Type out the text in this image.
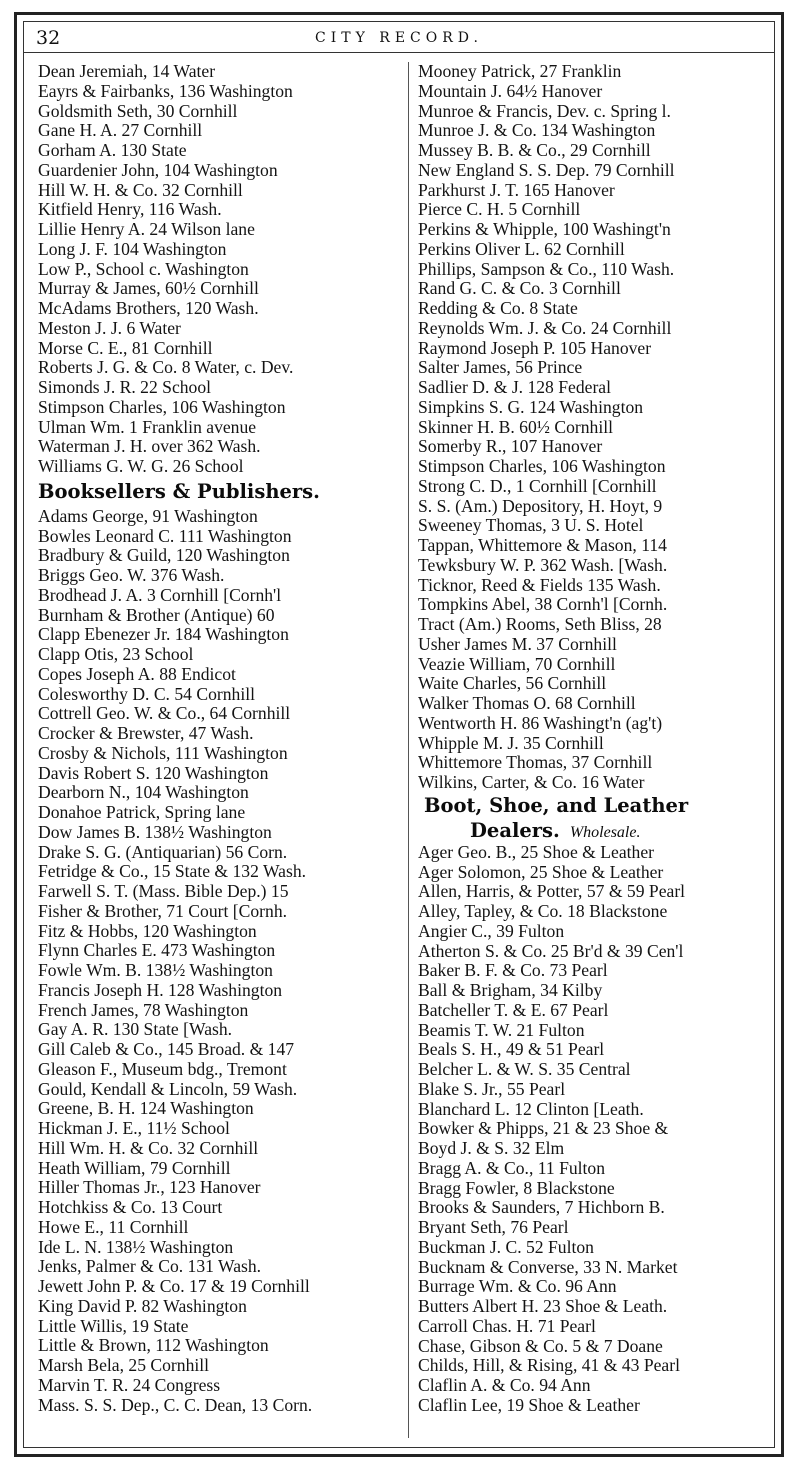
32	CITY RECORD.
Dean Jeremiah, 14 Water
Eayrs & Fairbanks, 136 Washington
Goldsmith Seth, 30 Cornhill
Gane H. A. 27 Cornhill
Gorham A. 130 State
Guardenier John, 104 Washington
Hill W. H. & Co. 32 Cornhill
Kitfield Henry, 116 Wash.
Lillie Henry A. 24 Wilson lane
Long J. F. 104 Washington
Low P., School c. Washington
Murray & James, 60½ Cornhill
McAdams Brothers, 120 Wash.
Meston J. J. 6 Water
Morse C. E., 81 Cornhill
Roberts J. G. & Co. 8 Water, c. Dev.
Simonds J. R. 22 School
Stimpson Charles, 106 Washington
Ulman Wm. 1 Franklin avenue
Waterman J. H. over 362 Wash.
Williams G. W. G. 26 School
Booksellers & Publishers.
Adams George, 91 Washington
Bowles Leonard C. 111 Washington
Bradbury & Guild, 120 Washington
Briggs Geo. W. 376 Wash.
Brodhead J. A. 3 Cornhill [Cornh'l
Burnham & Brother (Antique) 60
Clapp Ebenezer Jr. 184 Washington
Clapp Otis, 23 School
Copes Joseph A. 88 Endicot
Colesworthy D. C. 54 Cornhill
Cottrell Geo. W. & Co., 64 Cornhill
Crocker & Brewster, 47 Wash.
Crosby & Nichols, 111 Washington
Davis Robert S. 120 Washington
Dearborn N., 104 Washington
Donahoe Patrick, Spring lane
Dow James B. 138½ Washington
Drake S. G. (Antiquarian) 56 Corn.
Fetridge & Co., 15 State & 132 Wash.
Farwell S. T. (Mass. Bible Dep.) 15
Fisher & Brother, 71 Court [Cornh.
Fitz & Hobbs, 120 Washington
Flynn Charles E. 473 Washington
Fowle Wm. B. 138½ Washington
Francis Joseph H. 128 Washington
French James, 78 Washington
Gay A. R. 130 State [Wash.
Gill Caleb & Co., 145 Broad. & 147
Gleason F., Museum bdg., Tremont
Gould, Kendall & Lincoln, 59 Wash.
Greene, B. H. 124 Washington
Hickman J. E., 11½ School
Hill Wm. H. & Co. 32 Cornhill
Heath William, 79 Cornhill
Hiller Thomas Jr., 123 Hanover
Hotchkiss & Co. 13 Court
Howe E., 11 Cornhill
Ide L. N. 138½ Washington
Jenks, Palmer & Co. 131 Wash.
Jewett John P. & Co. 17 & 19 Cornhill
King David P. 82 Washington
Little Willis, 19 State
Little & Brown, 112 Washington
Marsh Bela, 25 Cornhill
Marvin T. R. 24 Congress
Mass. S. S. Dep., C. C. Dean, 13 Corn.
Mooney Patrick, 27 Franklin
Mountain J. 64½ Hanover
Munroe & Francis, Dev. c. Spring l.
Munroe J. & Co. 134 Washington
Mussey B. B. & Co., 29 Cornhill
New England S. S. Dep. 79 Cornhill
Parkhurst J. T. 165 Hanover
Pierce C. H. 5 Cornhill
Perkins & Whipple, 100 Washingt'n
Perkins Oliver L. 62 Cornhill
Phillips, Sampson & Co., 110 Wash.
Rand G. C. & Co. 3 Cornhill
Redding & Co. 8 State
Reynolds Wm. J. & Co. 24 Cornhill
Raymond Joseph P. 105 Hanover
Salter James, 56 Prince
Sadlier D. & J. 128 Federal
Simpkins S. G. 124 Washington
Skinner H. B. 60½ Cornhill
Somerby R., 107 Hanover
Stimpson Charles, 106 Washington
Strong C. D., 1 Cornhill [Cornhill
S. S. (Am.) Depository, H. Hoyt, 9
Sweeney Thomas, 3 U. S. Hotel
Tappan, Whittemore & Mason, 114
Tewksbury W. P. 362 Wash. [Wash.
Ticknor, Reed & Fields 135 Wash.
Tompkins Abel, 38 Cornh'l [Cornh.
Tract (Am.) Rooms, Seth Bliss, 28
Usher James M. 37 Cornhill
Veazie William, 70 Cornhill
Waite Charles, 56 Cornhill
Walker Thomas O. 68 Cornhill
Wentworth H. 86 Washingt'n (ag't)
Whipple M. J. 35 Cornhill
Whittemore Thomas, 37 Cornhill
Wilkins, Carter, & Co. 16 Water
Boot, Shoe, and Leather
Dealers. Wholesale.
Ager Geo. B., 25 Shoe & Leather
Ager Solomon, 25 Shoe & Leather
Allen, Harris, & Potter, 57 & 59 Pearl
Alley, Tapley, & Co. 18 Blackstone
Angier C., 39 Fulton
Atherton S. & Co. 25 Br'd & 39 Cen'l
Baker B. F. & Co. 73 Pearl
Ball & Brigham, 34 Kilby
Batcheller T. & E. 67 Pearl
Beamis T. W. 21 Fulton
Beals S. H., 49 & 51 Pearl
Belcher L. & W. S. 35 Central
Blake S. Jr., 55 Pearl
Blanchard L. 12 Clinton [Leath.
Bowker & Phipps, 21 & 23 Shoe &
Boyd J. & S. 32 Elm
Bragg A. & Co., 11 Fulton
Bragg Fowler, 8 Blackstone
Brooks & Saunders, 7 Hichborn B.
Bryant Seth, 76 Pearl
Buckman J. C. 52 Fulton
Bucknam & Converse, 33 N. Market
Burrage Wm. & Co. 96 Ann
Butters Albert H. 23 Shoe & Leath.
Carroll Chas. H. 71 Pearl
Chase, Gibson & Co. 5 & 7 Doane
Childs, Hill, & Rising, 41 & 43 Pearl
Claflin A. & Co. 94 Ann
Claflin Lee, 19 Shoe & Leather
